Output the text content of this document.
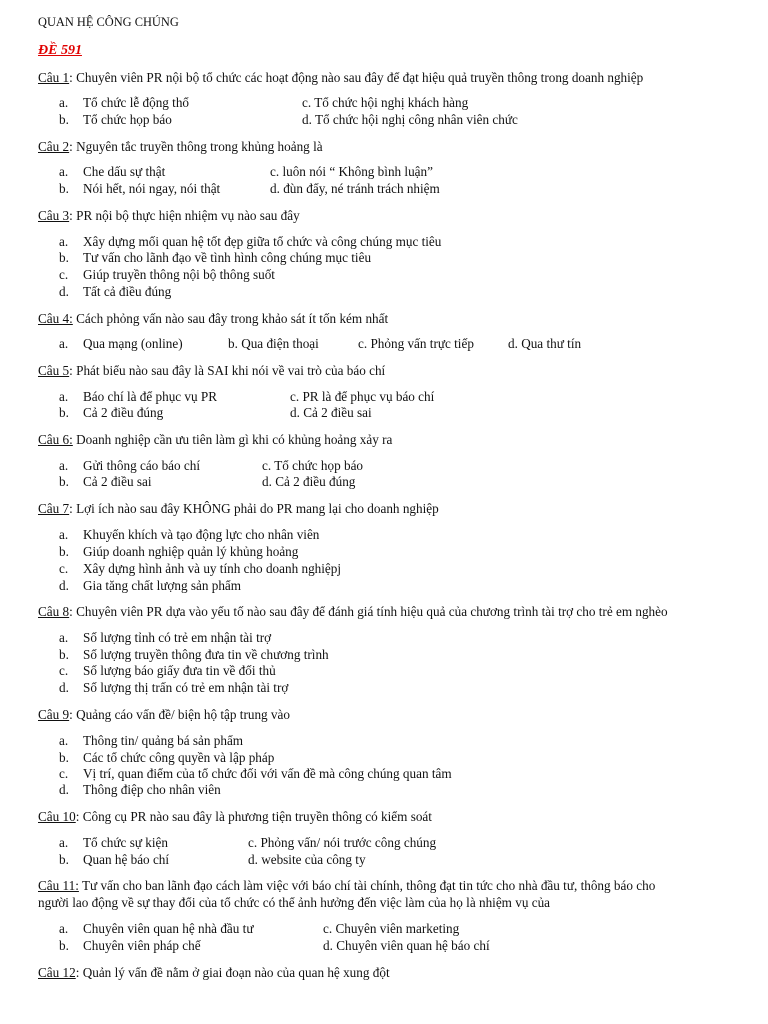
QUAN HỆ CÔNG CHÚNG
ĐỀ 591
Câu 1: Chuyên viên PR nội bộ tổ chức các hoạt động nào sau đây để đạt hiệu quả truyền thông trong doanh nghiệp
a. Tổ chức lễ động thổ	c. Tổ chức hội nghị khách hàng
b. Tổ chức họp báo	d. Tổ chức hội nghị công nhân viên chức
Câu 2: Nguyên tắc truyền thông trong khủng hoảng là
a. Che dấu sự thật	c. luôn nói “ Không bình luận”
b. Nói hết, nói ngay, nói thật	d. đùn đẩy, né tránh trách nhiệm
Câu 3: PR nội bộ thực hiện nhiệm vụ nào sau đây
a. Xây dựng mối quan hệ tốt đẹp giữa tổ chức và công chúng mục tiêu
b. Tư vấn cho lãnh đạo về tình hình công chúng mục tiêu
c. Giúp truyền thông nội bộ thông suốt
d. Tất cả điều đúng
Câu 4: Cách phỏng vấn nào sau đây trong khảo sát ít tốn kém nhất
a. Qua mạng (online)	b. Qua điện thoại	c. Phỏng vấn trực tiếp	d. Qua thư tín
Câu 5: Phát biểu nào sau đây là SAI khi nói về vai trò của báo chí
a. Báo chí là để phục vụ PR	c. PR là để phục vụ báo chí
b. Cả 2 điều đúng	d. Cả 2 điều sai
Câu 6: Doanh nghiệp cần ưu tiên làm gì khi có khủng hoảng xảy ra
a. Gửi thông cáo báo chí	c. Tổ chức họp báo
b. Cả 2 điều sai	d. Cả 2 điều đúng
Câu 7: Lợi ích nào sau đây KHÔNG phải do PR mang lại cho doanh nghiệp
a. Khuyến khích và tạo động lực cho nhân viên
b. Giúp doanh nghiệp quản lý khủng hoảng
c. Xây dựng hình ảnh và uy tính cho doanh nghiệpj
d. Gia tăng chất lượng sản phẩm
Câu 8: Chuyên viên PR dựa vào yếu tố nào sau đây để đánh giá tính hiệu quả của chương trình tài trợ cho trẻ em nghèo
a. Số lượng tỉnh có trẻ em nhận tài trợ
b. Số lượng truyền thông đưa tin về chương trình
c. Số lượng báo giấy đưa tin về đối thủ
d. Số lượng thị trấn có trẻ em nhận tài trợ
Câu 9: Quảng cáo vấn đề/ biện hộ tập trung vào
a. Thông tin/ quảng bá sản phẩm
b. Các tổ chức công quyền và lập pháp
c. Vị trí, quan điểm của tổ chức đối với vấn đề mà công chúng quan tâm
d. Thông điệp cho nhân viên
Câu 10: Công cụ PR nào sau đây là phương tiện truyền thông có kiểm soát
a. Tổ chức sự kiện	c. Phỏng vấn/ nói trước công chúng
b. Quan hệ báo chí	d. website của công ty
Câu 11: Tư vấn cho ban lãnh đạo cách làm việc với báo chí tài chính, thông đạt tin tức cho nhà đầu tư, thông báo cho
người lao động về sự thay đổi của tổ chức có thể ảnh hưởng đến việc làm của họ là nhiệm vụ của
a. Chuyên viên quan hệ nhà đầu tư	c. Chuyên viên marketing
b. Chuyên viên pháp chế	d. Chuyên viên quan hệ báo chí
Câu 12: Quản lý vấn đề nằm ở giai đoạn nào của quan hệ xung đột
